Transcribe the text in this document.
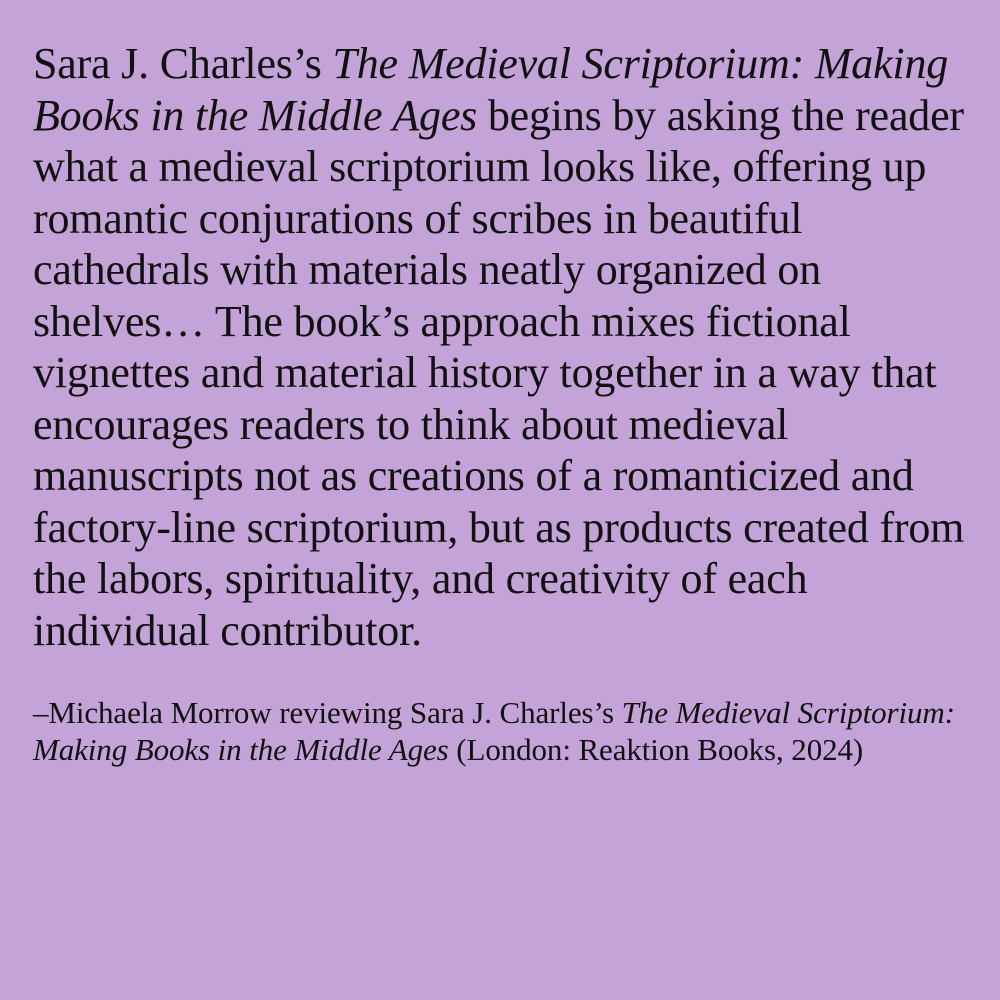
Sara J. Charles’s The Medieval Scriptorium: Making Books in the Middle Ages begins by asking the reader what a medieval scriptorium looks like, offering up romantic conjurations of scribes in beautiful cathedrals with materials neatly organized on shelves… The book’s approach mixes fictional vignettes and material history together in a way that encourages readers to think about medieval manuscripts not as creations of a romanticized and factory-line scriptorium, but as products created from the labors, spirituality, and creativity of each individual contributor.

–Michaela Morrow reviewing Sara J. Charles’s The Medieval Scriptorium: Making Books in the Middle Ages (London: Reaktion Books, 2024)
